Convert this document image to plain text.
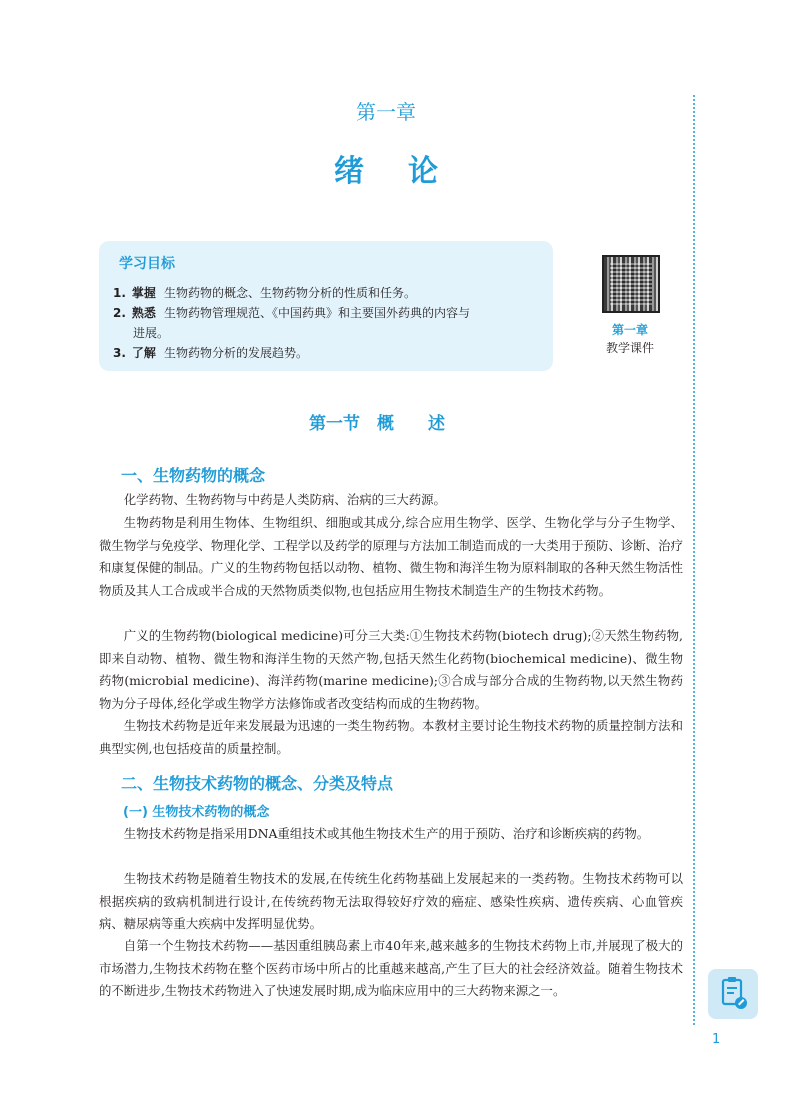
第一章
绪论
学习目标
1. 掌握 生物药物的概念、生物药物分析的性质和任务。
2. 熟悉 生物药物管理规范、《中国药典》和主要国外药典的内容与
进展。
3. 了解 生物药物分析的发展趋势。
第一章
教学课件
第一节　概　　述
一、生物药物的概念
化学药物、生物药物与中药是人类防病、治病的三大药源。
生物药物是利用生物体、生物组织、细胞或其成分,综合应用生物学、医学、生物化学与分子生物学、微生物学与免疫学、物理化学、工程学以及药学的原理与方法加工制造而成的一大类用于预防、诊断、治疗和康复保健的制品。广义的生物药物包括以动物、植物、微生物和海洋生物为原料制取的各种天然生物活性物质及其人工合成或半合成的天然物质类似物,也包括应用生物技术制造生产的生物技术药物。
广义的生物药物(biological medicine)可分三大类:①生物技术药物(biotech drug);②天然生物药物,即来自动物、植物、微生物和海洋生物的天然产物,包括天然生化药物(biochemical medicine)、微生物药物(microbial medicine)、海洋药物(marine medicine);③合成与部分合成的生物药物,以天然生物药物为分子母体,经化学或生物学方法修饰或者改变结构而成的生物药物。
生物技术药物是近年来发展最为迅速的一类生物药物。本教材主要讨论生物技术药物的质量控制方法和典型实例,也包括疫苗的质量控制。
二、生物技术药物的概念、分类及特点
(一) 生物技术药物的概念
生物技术药物是指采用DNA重组技术或其他生物技术生产的用于预防、治疗和诊断疾病的药物。
生物技术药物是随着生物技术的发展,在传统生化药物基础上发展起来的一类药物。生物技术药物可以根据疾病的致病机制进行设计,在传统药物无法取得较好疗效的癌症、感染性疾病、遗传疾病、心血管疾病、糖尿病等重大疾病中发挥明显优势。
自第一个生物技术药物——基因重组胰岛素上市40年来,越来越多的生物技术药物上市,并展现了极大的市场潜力,生物技术药物在整个医药市场中所占的比重越来越高,产生了巨大的社会经济效益。随着生物技术的不断进步,生物技术药物进入了快速发展时期,成为临床应用中的三大药物来源之一。
1
